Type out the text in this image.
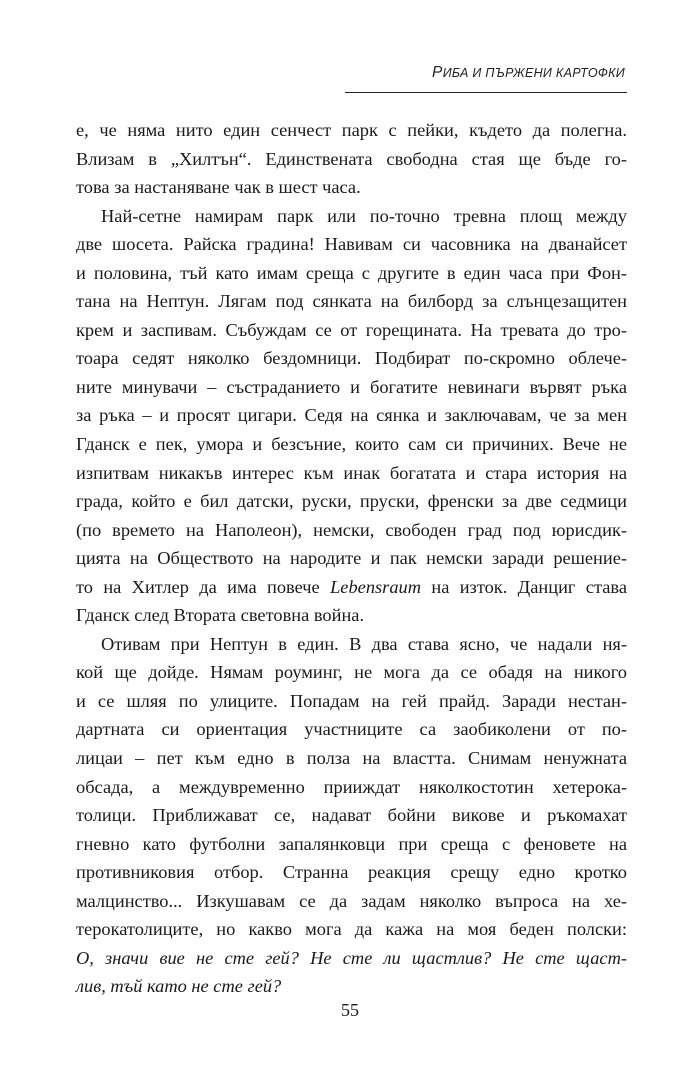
РИБА И ПЪРЖЕНИ КАРТОФКИ
е, че няма нито един сенчест парк с пейки, където да полегна.
Влизам в „Хилтън“. Единствената свободна стая ще бъде го-
това за настаняване чак в шест часа.
Най-сетне намирам парк или по-точно тревна площ между
две шосета. Райска градина! Навивам си часовника на дванайсет
и половина, тъй като имам среща с другите в един часа при Фон-
тана на Нептун. Лягам под сянката на билборд за слънцезащитен
крем и заспивам. Събуждам се от горещината. На тревата до тро-
тоара седят няколко бездомници. Подбират по-скромно облече-
ните минувачи – състраданието и богатите невинаги вървят ръка
за ръка – и просят цигари. Седя на сянка и заключавам, че за мен
Гданск е пек, умора и безсъние, които сам си причиних. Вече не
изпитвам никакъв интерес към инак богатата и стара история на
града, който е бил датски, руски, пруски, френски за две седмици
(по времето на Наполеон), немски, свободен град под юрисдик-
цията на Обществото на народите и пак немски заради решение-
то на Хитлер да има повече Lebensraum на изток. Данциг става
Гданск след Втората световна война.
Отивам при Нептун в един. В два става ясно, че надали ня-
кой ще дойде. Нямам роуминг, не мога да се обадя на никого
и се шляя по улиците. Попадам на гей прайд. Заради нестан-
дартната си ориентация участниците са заобиколени от по-
лицаи – пет към едно в полза на властта. Снимам ненужната
обсада, а междувременно прииждат няколкостотин хетерока-
толици. Приближават се, надават бойни викове и ръкомахат
гневно като футболни запалянковци при среща с феновете на
противниковия отбор. Странна реакция срещу едно кротко
малцинство... Изкушавам се да задам няколко въпроса на хе-
терокатолиците, но какво мога да кажа на моя беден полски:
О, значи вие не сте гей? Не сте ли щастлив? Не сте щаст-
лив, тъй като не сте гей?
55
